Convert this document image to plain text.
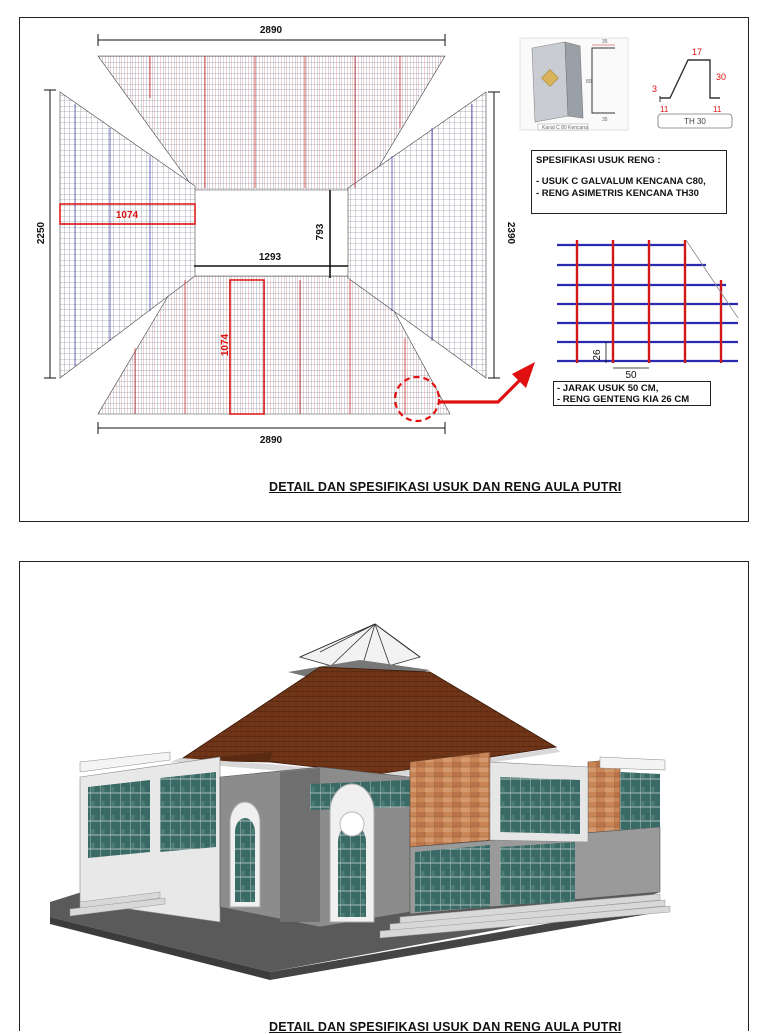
2890
2890
2250	2390
1293
793
1074
1074
35
80
35
Kanal C 80 Kencana
17
30
3
11	11
TH 30
26
50
SPESIFIKASI USUK RENG :
- USUK C GALVALUM KENCANA C80,
- RENG ASIMETRIS KENCANA TH30
- JARAK USUK 50 CM,
- RENG GENTENG KIA 26 CM
DETAIL DAN SPESIFIKASI USUK DAN RENG AULA PUTRI
DETAIL DAN SPESIFIKASI USUK DAN RENG AULA PUTRI
